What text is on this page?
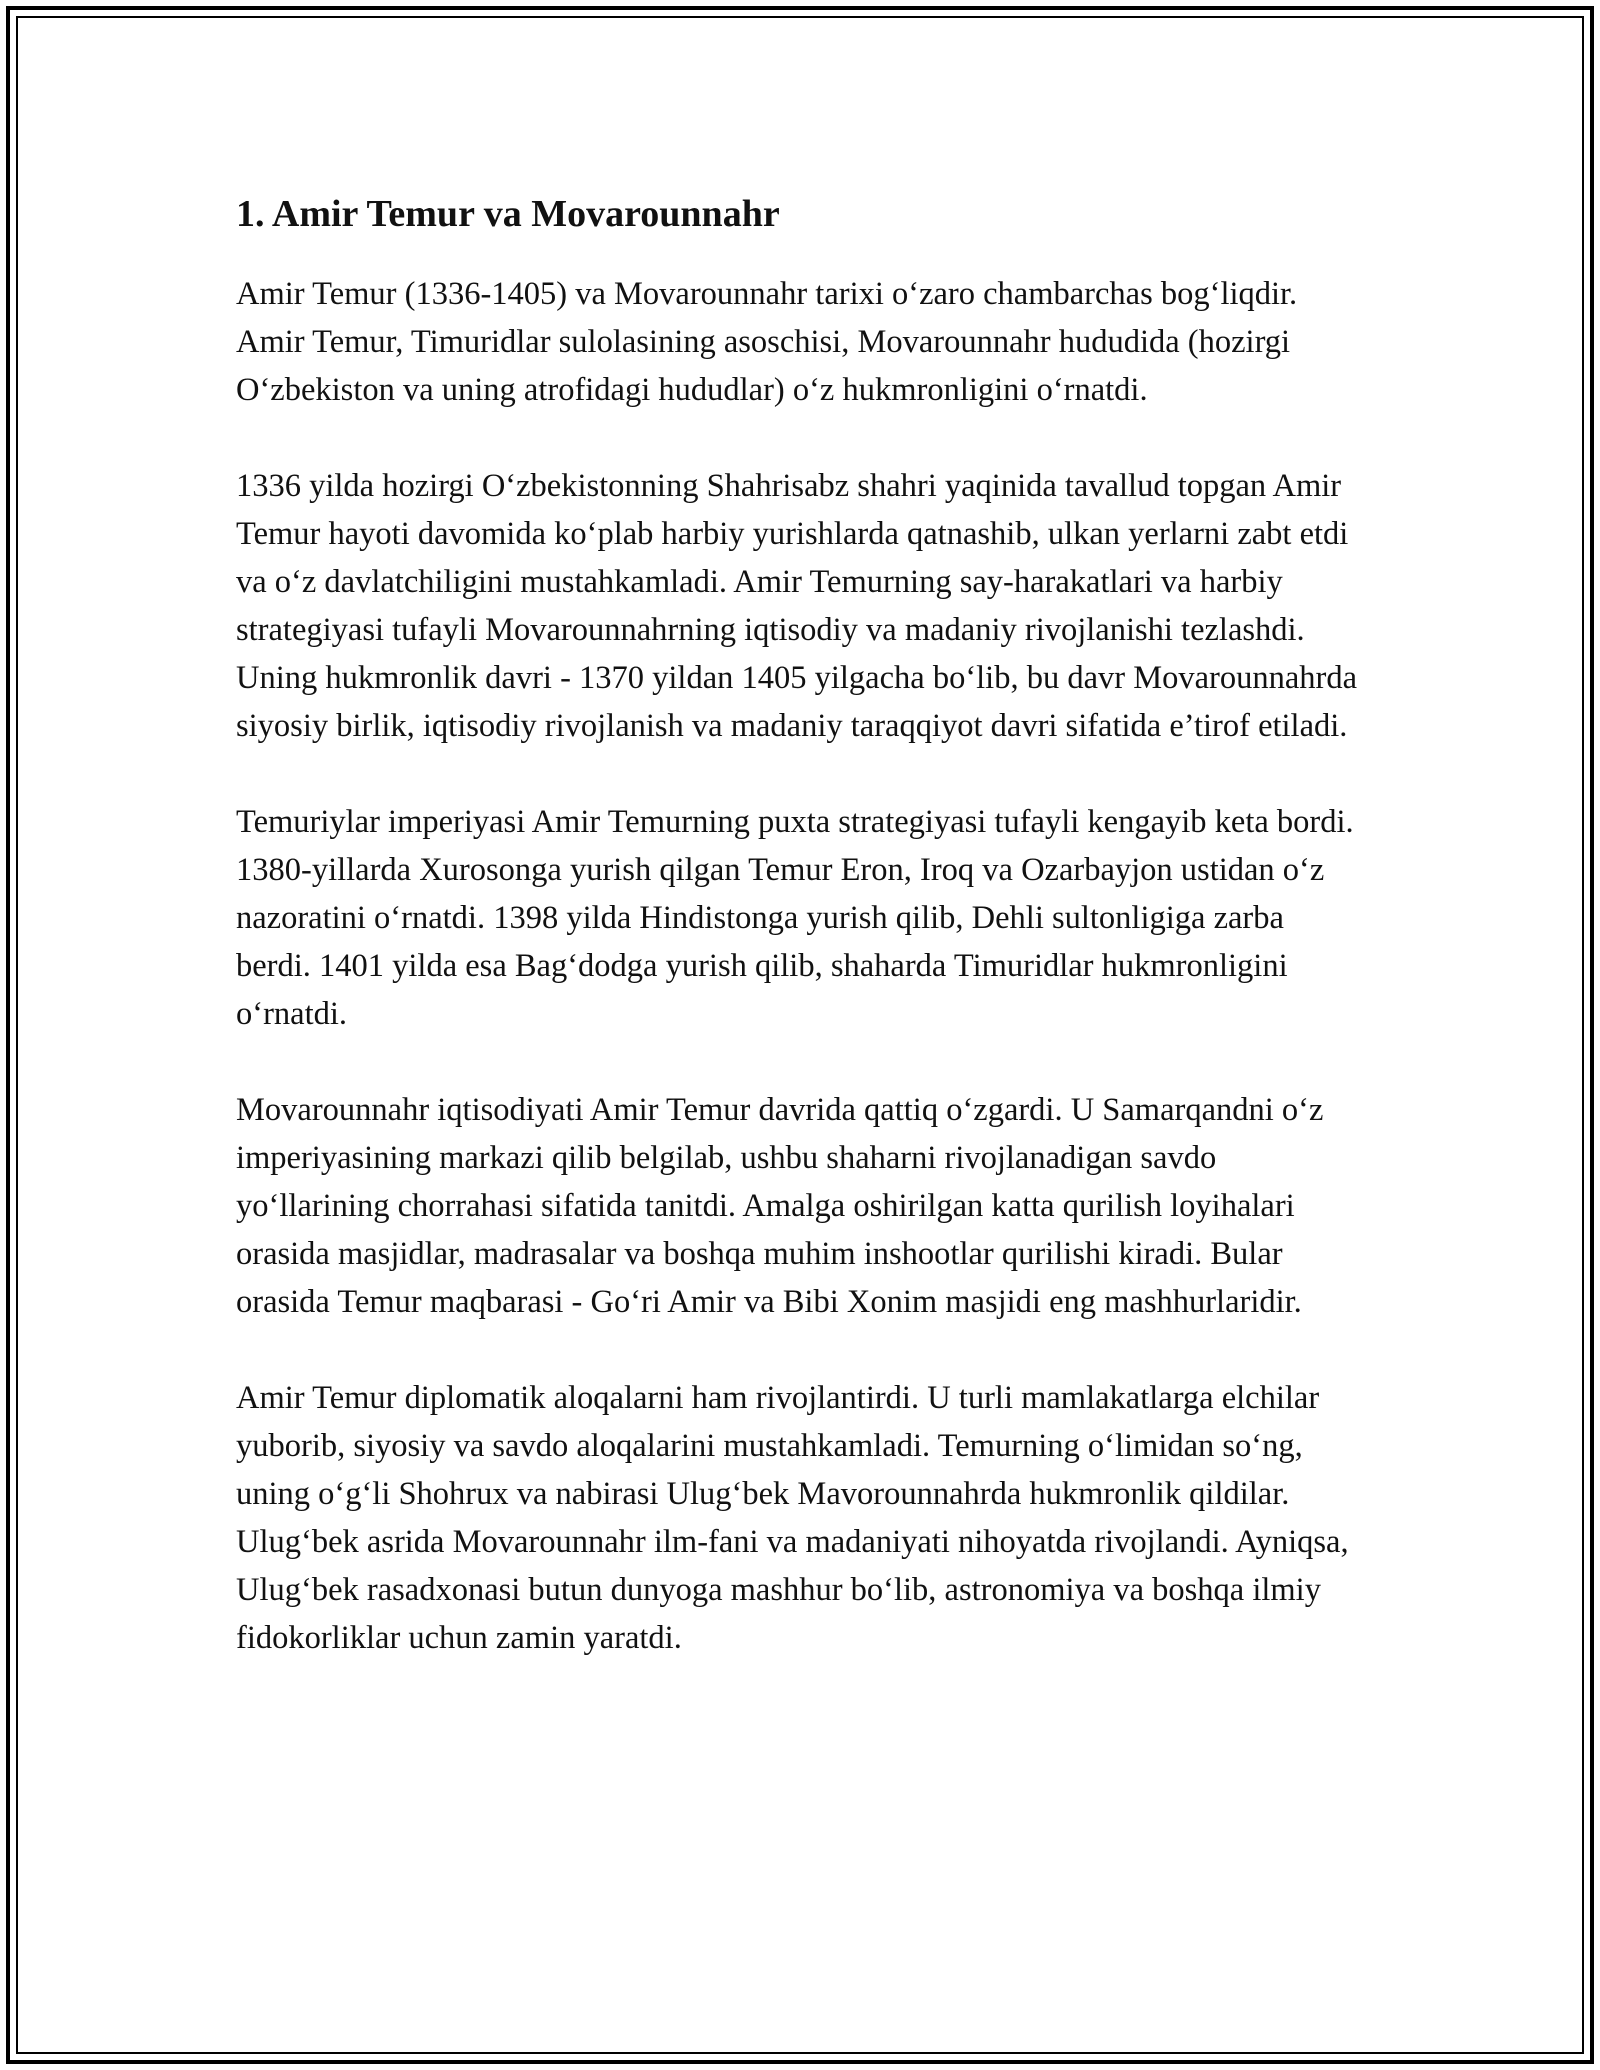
1. Amir Temur va Movarounnahr

Amir Temur (1336-1405) va Movarounnahr tarixi o‘zaro chambarchas bog‘liqdir. Amir Temur, Timuridlar sulolasining asoschisi, Movarounnahr hududida (hozirgi O‘zbekiston va uning atrofidagi hududlar) o‘z hukmronligini o‘rnatdi.

1336 yilda hozirgi O‘zbekistonning Shahrisabz shahri yaqinida tavallud topgan Amir Temur hayoti davomida ko‘plab harbiy yurishlarda qatnashib, ulkan yerlarni zabt etdi va o‘z davlatchiligini mustahkamladi. Amir Temurning say-harakatlari va harbiy strategiyasi tufayli Movarounnahrning iqtisodiy va madaniy rivojlanishi tezlashdi. Uning hukmronlik davri - 1370 yildan 1405 yilgacha bo‘lib, bu davr Movarounnahrda siyosiy birlik, iqtisodiy rivojlanish va madaniy taraqqiyot davri sifatida e’tirof etiladi.

Temuriylar imperiyasi Amir Temurning puxta strategiyasi tufayli kengayib keta bordi. 1380-yillarda Xurosonga yurish qilgan Temur Eron, Iroq va Ozarbayjon ustidan o‘z nazoratini o‘rnatdi. 1398 yilda Hindistonga yurish qilib, Dehli sultonligiga zarba berdi. 1401 yilda esa Bag‘dodga yurish qilib, shaharda Timuridlar hukmronligini o‘rnatdi.

Movarounnahr iqtisodiyati Amir Temur davrida qattiq o‘zgardi. U Samarqandni o‘z imperiyasining markazi qilib belgilab, ushbu shaharni rivojlanadigan savdo yo‘llarining chorrahasi sifatida tanitdi. Amalga oshirilgan katta qurilish loyihalari orasida masjidlar, madrasalar va boshqa muhim inshootlar qurilishi kiradi. Bular orasida Temur maqbarasi - Go‘ri Amir va Bibi Xonim masjidi eng mashhurlaridir.

Amir Temur diplomatik aloqalarni ham rivojlantirdi. U turli mamlakatlarga elchilar yuborib, siyosiy va savdo aloqalarini mustahkamladi. Temurning o‘limidan so‘ng, uning o‘g‘li Shohrux va nabirasi Ulug‘bek Mavorounnahrda hukmronlik qildilar. Ulug‘bek asrida Movarounnahr ilm-fani va madaniyati nihoyatda rivojlandi. Ayniqsa, Ulug‘bek rasadxonasi butun dunyoga mashhur bo‘lib, astronomiya va boshqa ilmiy fidokorliklar uchun zamin yaratdi.
